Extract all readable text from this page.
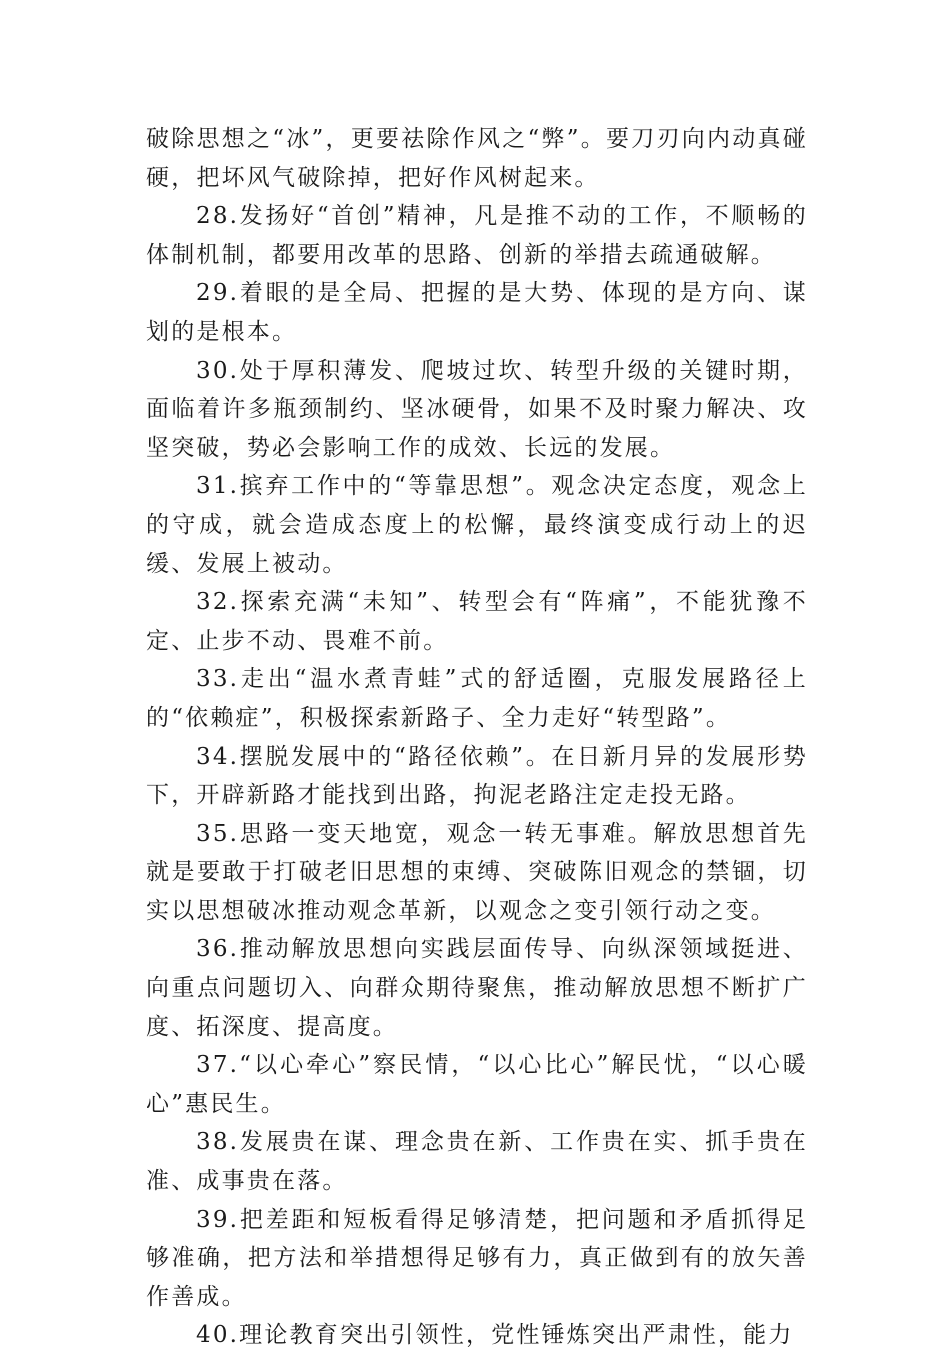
破除思想之“冰”，更要祛除作风之“弊”。要刀刃向内动真碰硬，把坏风气破除掉，把好作风树起来。

28.发扬好“首创”精神，凡是推不动的工作，不顺畅的体制机制，都要用改革的思路、创新的举措去疏通破解。

29.着眼的是全局、把握的是大势、体现的是方向、谋划的是根本。

30.处于厚积薄发、爬坡过坎、转型升级的关键时期，面临着许多瓶颈制约、坚冰硬骨，如果不及时聚力解决、攻坚突破，势必会影响工作的成效、长远的发展。

31.摈弃工作中的“等靠思想”。观念决定态度，观念上的守成，就会造成态度上的松懈，最终演变成行动上的迟缓、发展上被动。

32.探索充满“未知”、转型会有“阵痛”，不能犹豫不定、止步不动、畏难不前。

33.走出“温水煮青蛙”式的舒适圈，克服发展路径上的“依赖症”，积极探索新路子、全力走好“转型路”。

34.摆脱发展中的“路径依赖”。在日新月异的发展形势下，开辟新路才能找到出路，拘泥老路注定走投无路。

35.思路一变天地宽，观念一转无事难。解放思想首先就是要敢于打破老旧思想的束缚、突破陈旧观念的禁锢，切实以思想破冰推动观念革新，以观念之变引领行动之变。

36.推动解放思想向实践层面传导、向纵深领域挺进、向重点问题切入、向群众期待聚焦，推动解放思想不断扩广度、拓深度、提高度。

37.“以心牵心”察民情，“以心比心”解民忧，“以心暖心”惠民生。

38.发展贵在谋、理念贵在新、工作贵在实、抓手贵在准、成事贵在落。

39.把差距和短板看得足够清楚，把问题和矛盾抓得足够准确，把方法和举措想得足够有力，真正做到有的放矢善作善成。

40.理论教育突出引领性，党性锤炼突出严肃性，能力
